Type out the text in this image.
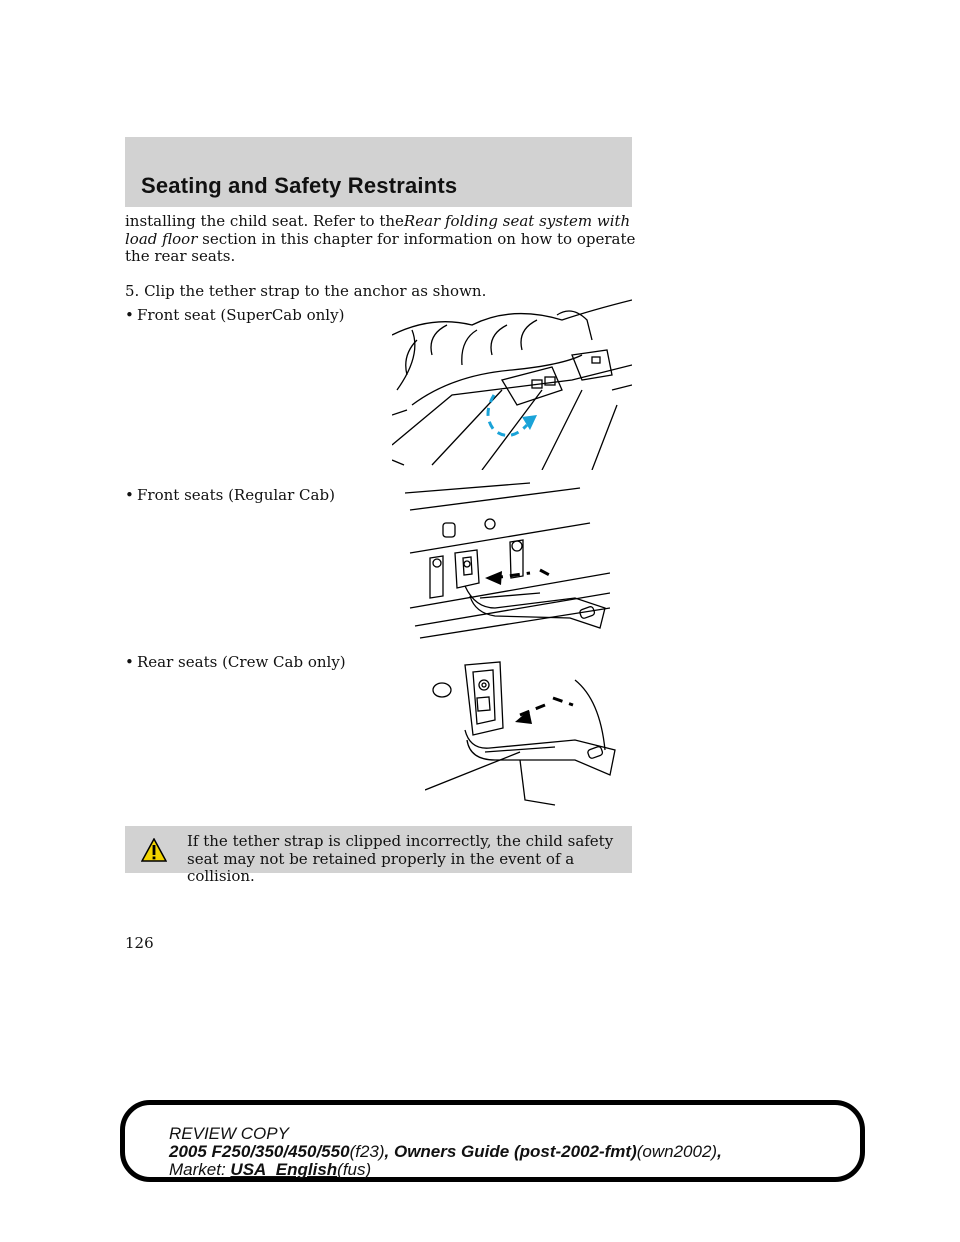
Seating and Safety Restraints
installing the child seat. Refer to theRear folding seat system with load floor section in this chapter for information on how to operate the rear seats.
5. Clip the tether strap to the anchor as shown.
• Front seat (SuperCab only)
• Front seats (Regular Cab)
• Rear seats (Crew Cab only)
If the tether strap is clipped incorrectly, the child safety seat may not be retained properly in the event of a collision.
126
REVIEW COPY
2005 F250/350/450/550(f23), Owners Guide (post-2002-fmt)(own2002),
Market: USA_English(fus)
